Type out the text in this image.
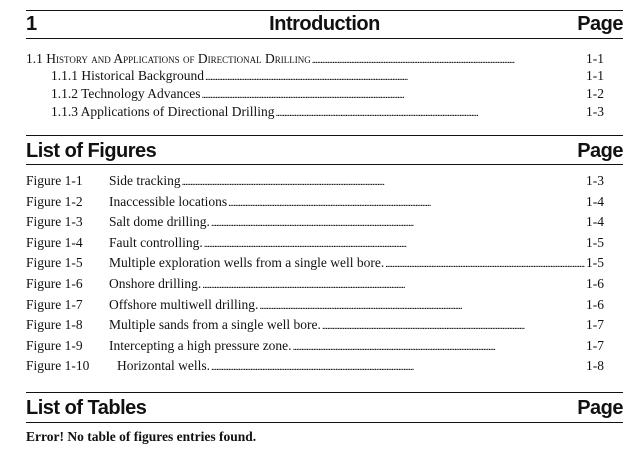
1	Introduction	Page
1.1 History and Applications of Directional Drilling . . .	1-1
1.1.1 Historical Background . . .	1-1
1.1.2 Technology Advances . . .	1-2
1.1.3 Applications of Directional Drilling . . .	1-3
List of Figures	Page
Figure 1-1	Side tracking . . .	1-3
Figure 1-2	Inaccessible locations . . .	1-4
Figure 1-3	Salt dome drilling. . . .	1-4
Figure 1-4	Fault controlling. . . .	1-5
Figure 1-5	Multiple exploration wells from a single well bore. . . .	1-5
Figure 1-6	Onshore drilling. . . .	1-6
Figure 1-7	Offshore multiwell drilling. . . .	1-6
Figure 1-8	Multiple sands from a single well bore. . . .	1-7
Figure 1-9	Intercepting a high pressure zone. . . .	1-7
Figure 1-10	Horizontal wells. . . .	1-8
List of Tables	Page
Error! No table of figures entries found.
